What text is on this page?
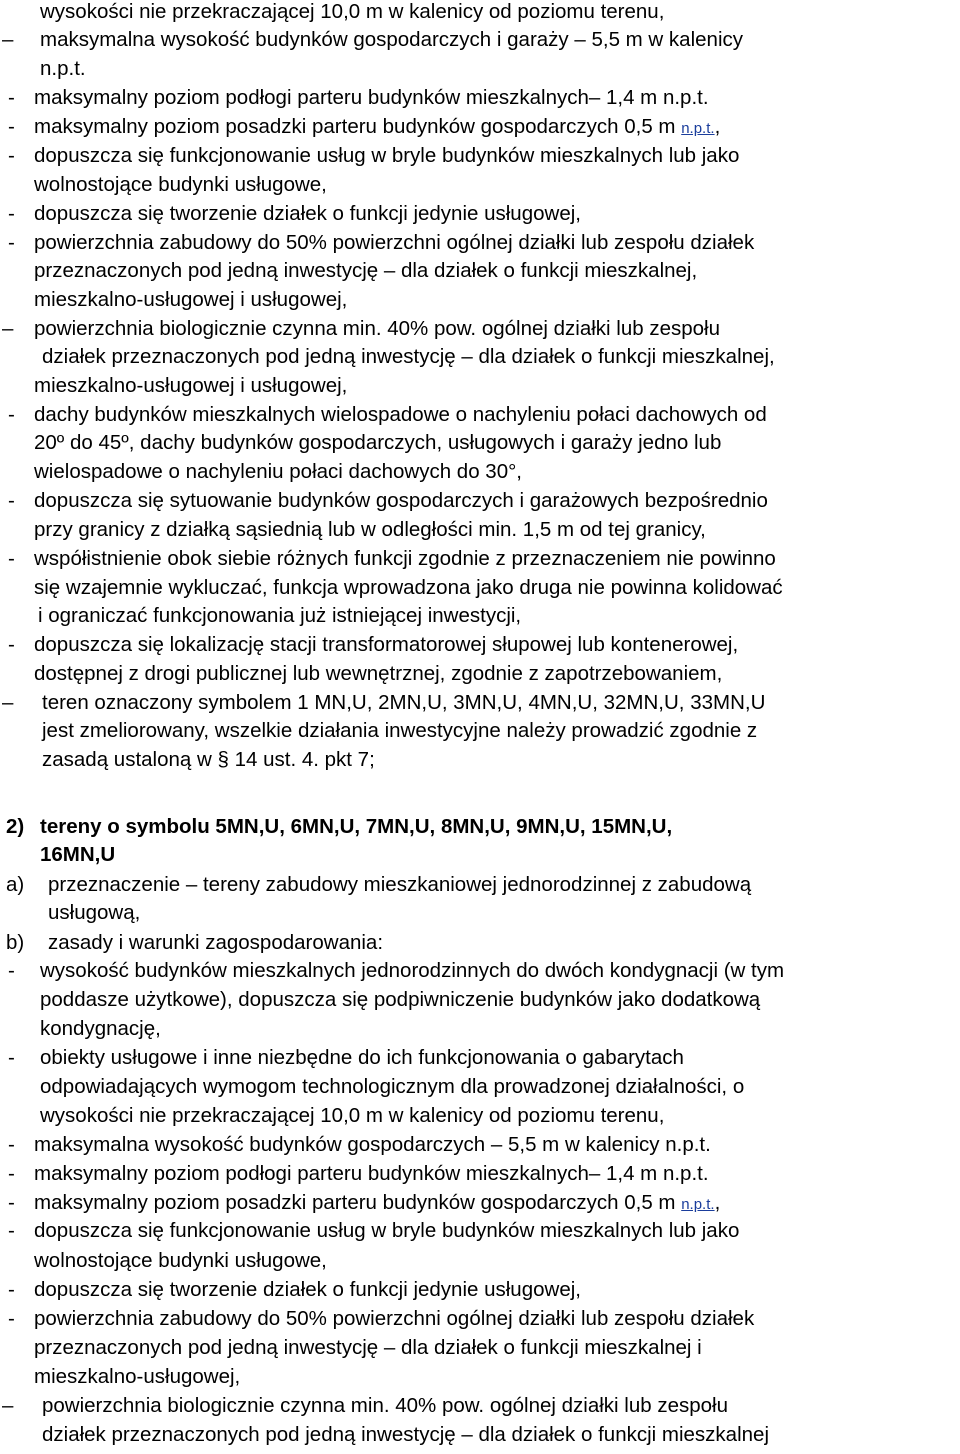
wysokości nie przekraczającej 10,0 m w kalenicy od poziomu terenu,
– maksymalna wysokość budynków gospodarczych i garaży – 5,5 m w kalenicy
n.p.t.
- maksymalny poziom podłogi parteru budynków mieszkalnych– 1,4 m n.p.t.
- maksymalny poziom posadzki parteru budynków gospodarczych 0,5 m n.p.t.,
- dopuszcza się funkcjonowanie usług w bryle budynków mieszkalnych lub jako
wolnostojące budynki usługowe,
- dopuszcza się tworzenie działek o funkcji jedynie usługowej,
- powierzchnia zabudowy do 50% powierzchni ogólnej działki lub zespołu działek
przeznaczonych pod jedną inwestycję – dla działek o funkcji mieszkalnej,
mieszkalno-usługowej i usługowej,
– powierzchnia biologicznie czynna min. 40% pow. ogólnej działki lub zespołu
działek przeznaczonych pod jedną inwestycję – dla działek o funkcji mieszkalnej,
mieszkalno-usługowej i usługowej,
- dachy budynków mieszkalnych wielospadowe o nachyleniu połaci dachowych od
20º do 45º, dachy budynków gospodarczych, usługowych i garaży jedno lub
wielospadowe o nachyleniu połaci dachowych do 30°,
- dopuszcza się sytuowanie budynków gospodarczych i garażowych bezpośrednio
przy granicy z działką sąsiednią lub w odległości min. 1,5 m od tej granicy,
- współistnienie obok siebie różnych funkcji zgodnie z przeznaczeniem nie powinno
się wzajemnie wykluczać, funkcja wprowadzona jako druga nie powinna kolidować
i ograniczać funkcjonowania już istniejącej inwestycji,
- dopuszcza się lokalizację stacji transformatorowej słupowej lub kontenerowej,
dostępnej z drogi publicznej lub wewnętrznej, zgodnie z zapotrzebowaniem,
– teren oznaczony symbolem 1 MN,U, 2MN,U, 3MN,U, 4MN,U, 32MN,U, 33MN,U
jest zmeliorowany, wszelkie działania inwestycyjne należy prowadzić zgodnie z
zasadą ustaloną w § 14 ust. 4. pkt 7;
2) tereny o symbolu 5MN,U, 6MN,U, 7MN,U, 8MN,U, 9MN,U, 15MN,U,
16MN,U
a) przeznaczenie – tereny zabudowy mieszkaniowej jednorodzinnej z zabudową
usługową,
b) zasady i warunki zagospodarowania:
- wysokość budynków mieszkalnych jednorodzinnych do dwóch kondygnacji (w tym
poddasze użytkowe), dopuszcza się podpiwniczenie budynków jako dodatkową
kondygnację,
- obiekty usługowe i inne niezbędne do ich funkcjonowania o gabarytach
odpowiadających wymogom technologicznym dla prowadzonej działalności, o
wysokości nie przekraczającej 10,0 m w kalenicy od poziomu terenu,
- maksymalna wysokość budynków gospodarczych – 5,5 m w kalenicy n.p.t.
- maksymalny poziom podłogi parteru budynków mieszkalnych– 1,4 m n.p.t.
- maksymalny poziom posadzki parteru budynków gospodarczych 0,5 m n.p.t.,
- dopuszcza się funkcjonowanie usług w bryle budynków mieszkalnych lub jako
wolnostojące budynki usługowe,
- dopuszcza się tworzenie działek o funkcji jedynie usługowej,
- powierzchnia zabudowy do 50% powierzchni ogólnej działki lub zespołu działek
przeznaczonych pod jedną inwestycję – dla działek o funkcji mieszkalnej i
mieszkalno-usługowej,
– powierzchnia biologicznie czynna min. 40% pow. ogólnej działki lub zespołu
działek przeznaczonych pod jedną inwestycję – dla działek o funkcji mieszkalnej
